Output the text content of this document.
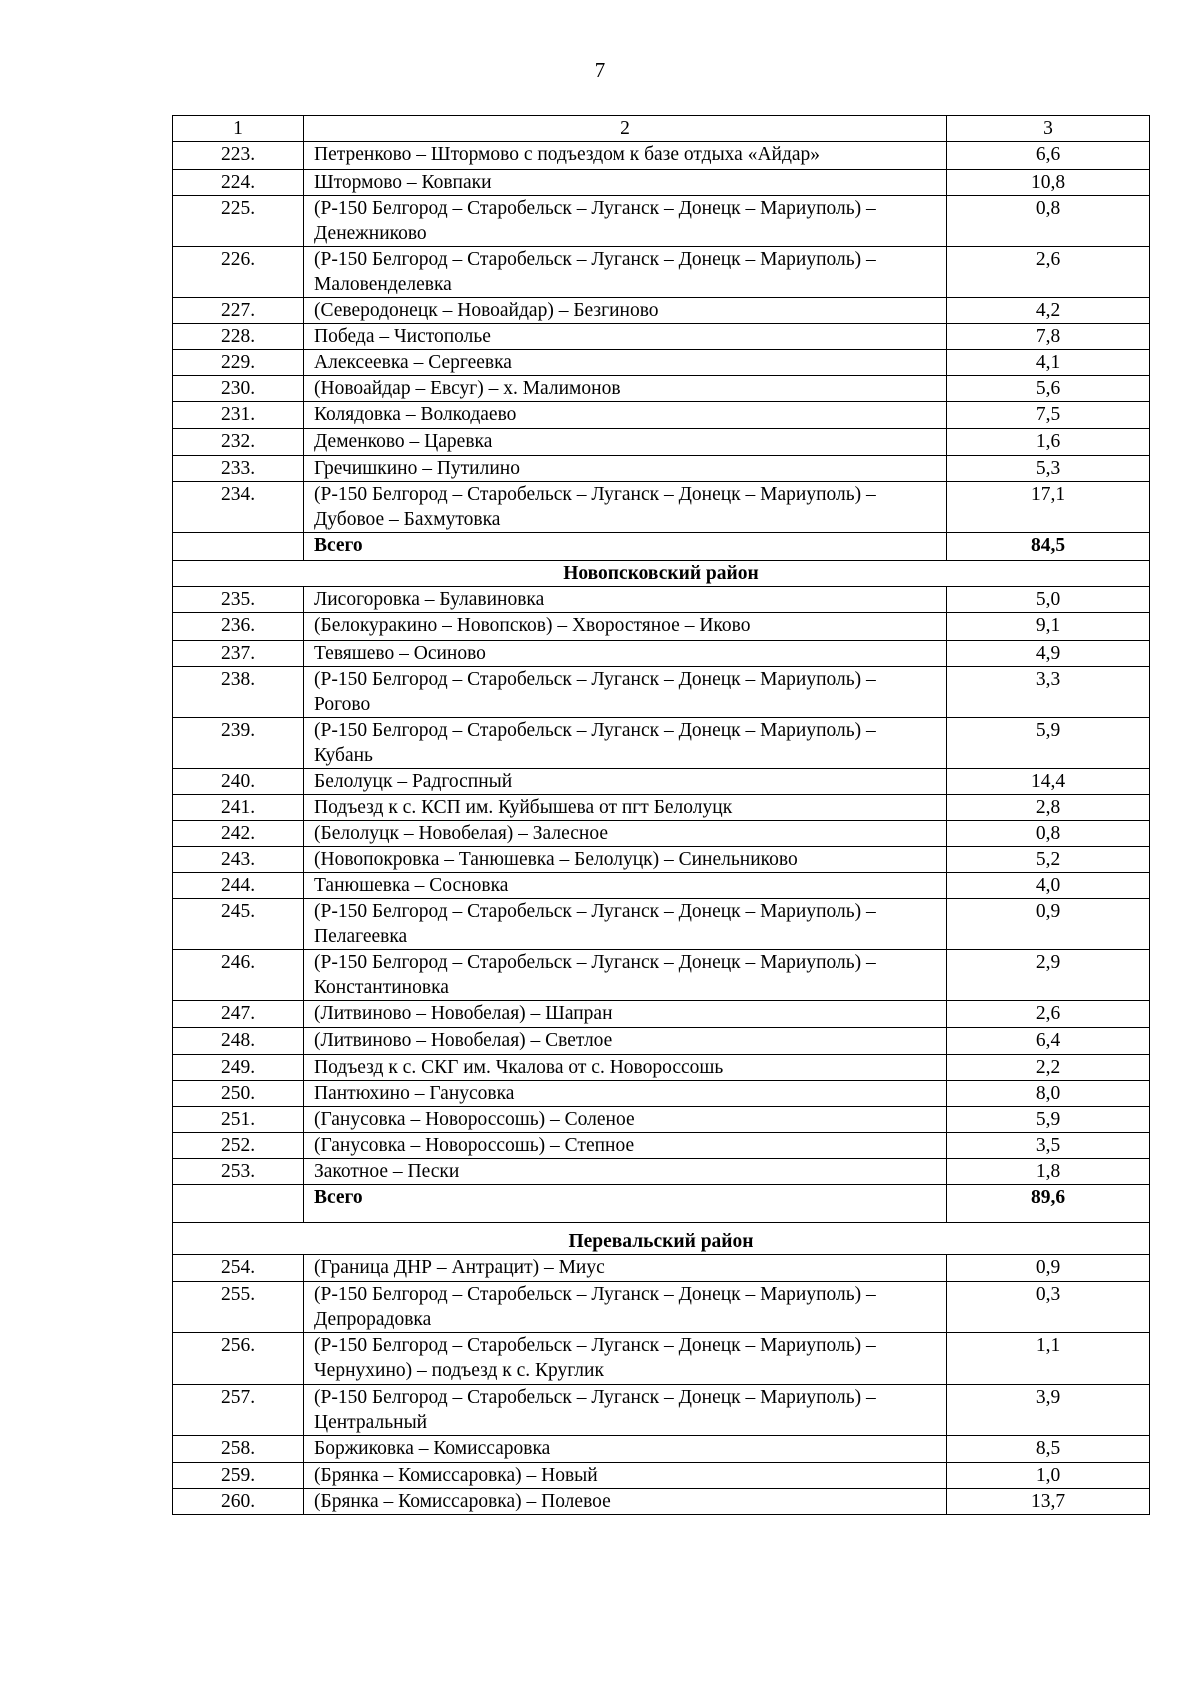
7
1	2	3
223.	Петренково – Штормово с подъездом к базе отдыха «Айдар»	6,6
224.	Штормово – Ковпаки	10,8
225.	(Р-150 Белгород – Старобельск – Луганск – Донецк – Мариуполь) – Денежниково	0,8
226.	(Р-150 Белгород – Старобельск – Луганск – Донецк – Мариуполь) – Маловенделевка	2,6
227.	(Северодонецк – Новоайдар) – Безгиново	4,2
228.	Победа – Чистополье	7,8
229.	Алексеевка – Сергеевка	4,1
230.	(Новоайдар – Евсуг) – х. Малимонов	5,6
231.	Колядовка – Волкодаево	7,5
232.	Деменково – Царевка	1,6
233.	Гречишкино – Путилино	5,3
234.	(Р-150 Белгород – Старобельск – Луганск – Донецк – Мариуполь) – Дубовое – Бахмутовка	17,1
	Всего	84,5
Новопсковский район		
235.	Лисогоровка – Булавиновка	5,0
236.	(Белокуракино – Новопсков) – Хворостяное – Иково	9,1
237.	Тевяшево – Осиново	4,9
238.	(Р-150 Белгород – Старобельск – Луганск – Донецк – Мариуполь) – Рогово	3,3
239.	(Р-150 Белгород – Старобельск – Луганск – Донецк – Мариуполь) – Кубань	5,9
240.	Белолуцк – Радгоспный	14,4
241.	Подъезд к с. КСП им. Куйбышева от пгт Белолуцк	2,8
242.	(Белолуцк – Новобелая) – Залесное	0,8
243.	(Новопокровка – Танюшевка – Белолуцк) – Синельниково	5,2
244.	Танюшевка – Сосновка	4,0
245.	(Р-150 Белгород – Старобельск – Луганск – Донецк – Мариуполь) – Пелагеевка	0,9
246.	(Р-150 Белгород – Старобельск – Луганск – Донецк – Мариуполь) – Константиновка	2,9
247.	(Литвиново – Новобелая) – Шапран	2,6
248.	(Литвиново – Новобелая) – Светлое	6,4
249.	Подъезд к с. СКГ им. Чкалова от с. Новороссошь	2,2
250.	Пантюхино – Ганусовка	8,0
251.	(Ганусовка – Новороссошь) – Соленое	5,9
252.	(Ганусовка – Новороссошь) – Степное	3,5
253.	Закотное – Пески	1,8
	Всего	89,6
Перевальский район		
254.	(Граница ДНР – Антрацит) – Миус	0,9
255.	(Р-150 Белгород – Старобельск – Луганск – Донецк – Мариуполь) – Депрорадовка	0,3
256.	(Р-150 Белгород – Старобельск – Луганск – Донецк – Мариуполь) – Чернухино) – подъезд к с. Круглик	1,1
257.	(Р-150 Белгород – Старобельск – Луганск – Донецк – Мариуполь) – Центральный	3,9
258.	Боржиковка – Комиссаровка	8,5
259.	(Брянка – Комиссаровка) – Новый	1,0
260.	(Брянка – Комиссаровка) – Полевое	13,7
